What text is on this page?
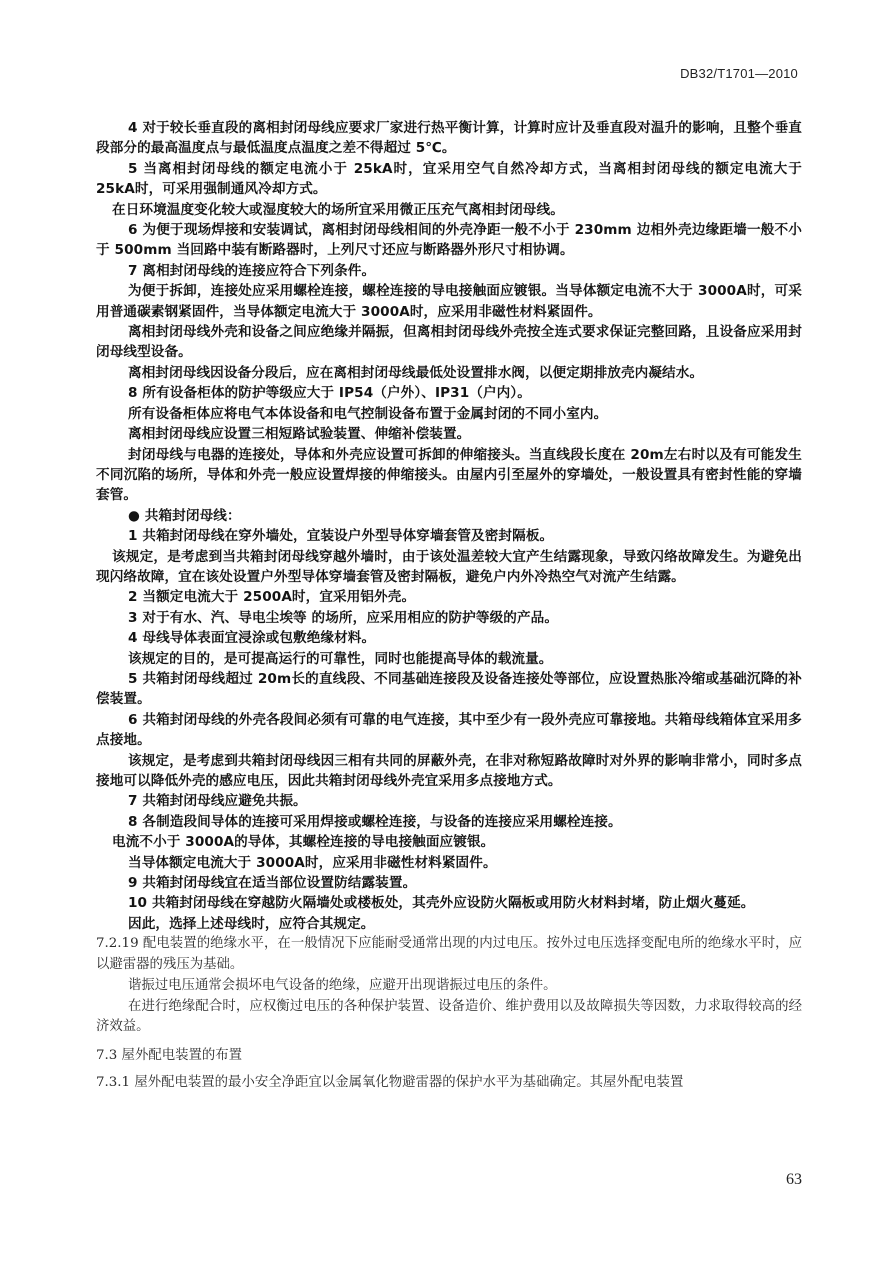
DB32/T1701—2010

4 对于较长垂直段的离相封闭母线应要求厂家进行热平衡计算，计算时应计及垂直段对温升的影响，且整个垂直段部分的最高温度点与最低温度点温度之差不得超过 5℃。

5 当离相封闭母线的额定电流小于 25kA时，宜采用空气自然冷却方式，当离相封闭母线的额定电流大于 25kA时，可采用强制通风冷却方式。

在日环境温度变化较大或湿度较大的场所宜采用微正压充气离相封闭母线。

6 为便于现场焊接和安装调试，离相封闭母线相间的外壳净距一般不小于 230mm 边相外壳边缘距墙一般不小于 500mm 当回路中装有断路器时，上列尺寸还应与断路器外形尺寸相协调。

7 离相封闭母线的连接应符合下列条件。

为便于拆卸，连接处应采用螺栓连接，螺栓连接的导电接触面应镀银。当导体额定电流不大于 3000A时，可采用普通碳素钢紧固件，当导体额定电流大于 3000A时，应采用非磁性材料紧固件。

离相封闭母线外壳和设备之间应绝缘并隔振，但离相封闭母线外壳按全连式要求保证完整回路，且设备应采用封闭母线型设备。

离相封闭母线因设备分段后，应在离相封闭母线最低处设置排水阀，以便定期排放壳内凝结水。

8 所有设备柜体的防护等级应大于 IP54（户外）、IP31（户内）。

所有设备柜体应将电气本体设备和电气控制设备布置于金属封闭的不同小室内。

离相封闭母线应设置三相短路试验装置、伸缩补偿装置。

封闭母线与电器的连接处，导体和外壳应设置可拆卸的伸缩接头。当直线段长度在 20m左右时以及有可能发生不同沉陷的场所，导体和外壳一般应设置焊接的伸缩接头。由屋内引至屋外的穿墙处，一般设置具有密封性能的穿墙套管。

● 共箱封闭母线：

1 共箱封闭母线在穿外墙处，宜装设户外型导体穿墙套管及密封隔板。

该规定，是考虑到当共箱封闭母线穿越外墙时，由于该处温差较大宜产生结露现象，导致闪络故障发生。为避免出现闪络故障，宜在该处设置户外型导体穿墙套管及密封隔板，避免户内外冷热空气对流产生结露。

2 当额定电流大于 2500A时，宜采用铝外壳。

3 对于有水、汽、导电尘埃等 的场所，应采用相应的防护等级的产品。

4 母线导体表面宜浸涂或包敷绝缘材料。

该规定的目的，是可提高运行的可靠性，同时也能提高导体的载流量。

5 共箱封闭母线超过 20m长的直线段、不同基础连接段及设备连接处等部位，应设置热胀冷缩或基础沉降的补偿装置。

6 共箱封闭母线的外壳各段间必须有可靠的电气连接，其中至少有一段外壳应可靠接地。共箱母线箱体宜采用多点接地。

该规定，是考虑到共箱封闭母线因三相有共同的屏蔽外壳，在非对称短路故障时对外界的影响非常小，同时多点接地可以降低外壳的感应电压，因此共箱封闭母线外壳宜采用多点接地方式。

7 共箱封闭母线应避免共振。

8 各制造段间导体的连接可采用焊接或螺栓连接，与设备的连接应采用螺栓连接。

电流不小于 3000A的导体，其螺栓连接的导电接触面应镀银。

当导体额定电流大于 3000A时，应采用非磁性材料紧固件。

9 共箱封闭母线宜在适当部位设置防结露装置。

10 共箱封闭母线在穿越防火隔墙处或楼板处，其壳外应设防火隔板或用防火材料封堵，防止烟火蔓延。

因此，选择上述母线时，应符合其规定。

7.2.19 配电装置的绝缘水平，在一般情况下应能耐受通常出现的内过电压。按外过电压选择变配电所的绝缘水平时，应以避雷器的残压为基础。

谐振过电压通常会损坏电气设备的绝缘，应避开出现谐振过电压的条件。

在进行绝缘配合时，应权衡过电压的各种保护装置、设备造价、维护费用以及故障损失等因数，力求取得较高的经济效益。

7.3 屋外配电装置的布置

7.3.1 屋外配电装置的最小安全净距宜以金属氧化物避雷器的保护水平为基础确定。其屋外配电装置

63
